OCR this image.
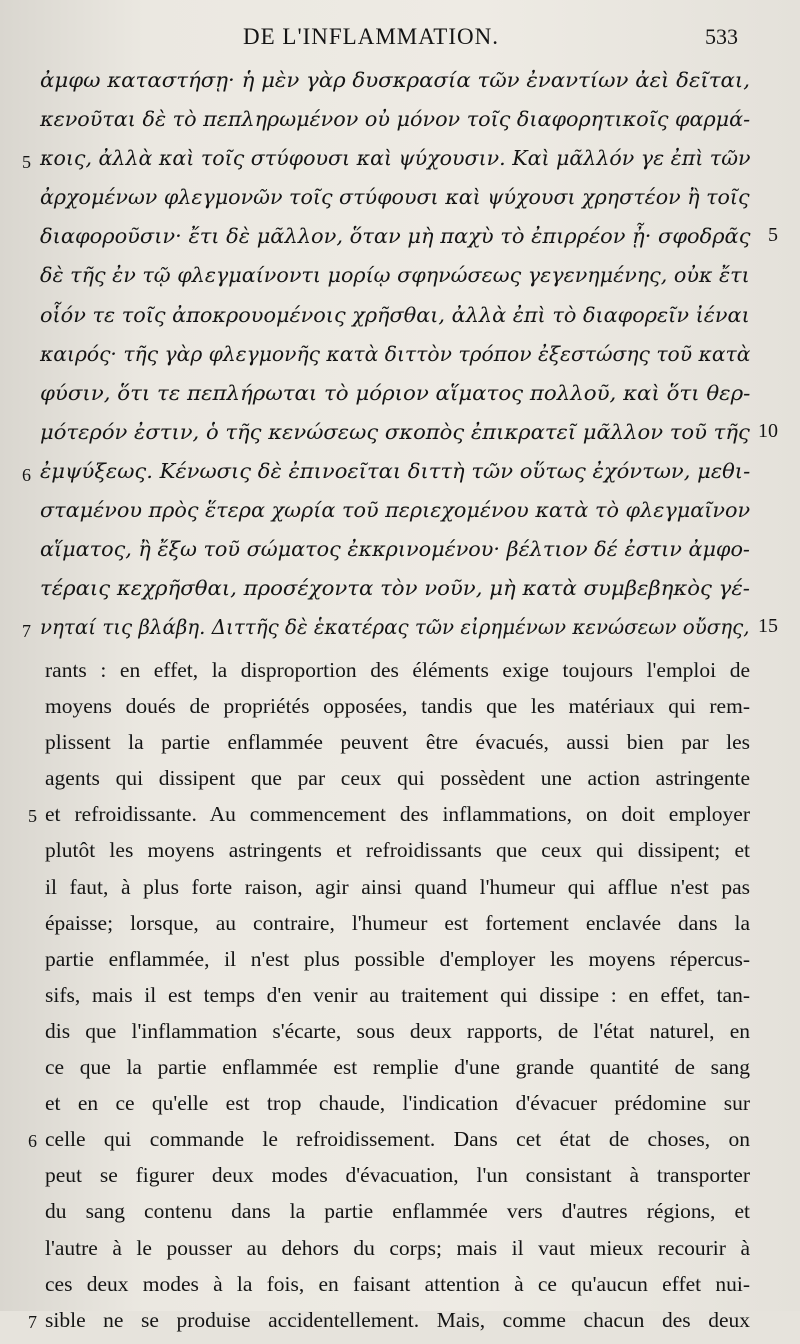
DE L'INFLAMMATION.	533
ἀμφω καταστήσῃ· ἡ μὲν γὰρ δυσκρασία τῶν ἐναντίων ἀεὶ δεῖται,
κενοῦται δὲ τὸ πεπληρωμένον οὐ μόνον τοῖς διαφορητικοῖς φαρμά-
5 κοις, ἀλλὰ καὶ τοῖς στύφουσι καὶ ψύχουσιν. Καὶ μᾶλλόν γε ἐπὶ τῶν
ἀρχομένων φλεγμονῶν τοῖς στύφουσι καὶ ψύχουσι χρηστέον ἢ τοῖς
διαφοροῦσιν· ἔτι δὲ μᾶλλον, ὅταν μὴ παχὺ τὸ ἐπιρρέον ᾖ· σφοδρᾶς 5
δὲ τῆς ἐν τῷ φλεγμαίνοντι μορίῳ σφηνώσεως γεγενημένης, οὐκ ἔτι
οἷόν τε τοῖς ἀποκρουομένοις χρῆσθαι, ἀλλὰ ἐπὶ τὸ διαφορεῖν ἰέναι
καιρός· τῆς γὰρ φλεγμονῆς κατὰ διττὸν τρόπον ἐξεστώσης τοῦ κατὰ
φύσιν, ὅτι τε πεπλήρωται τὸ μόριον αἵματος πολλοῦ, καὶ ὅτι θερ-
μότερόν ἐστιν, ὁ τῆς κενώσεως σκοπὸς ἐπικρατεῖ μᾶλλον τοῦ τῆς 10
6 ἐμψύξεως. Κένωσις δὲ ἐπινοεῖται διττὴ τῶν οὕτως ἐχόντων, μεθι-
σταμένου πρὸς ἕτερα χωρία τοῦ περιεχομένου κατὰ τὸ φλεγμαῖνον
αἵματος, ἢ ἔξω τοῦ σώματος ἐκκρινομένου· βέλτιον δέ ἐστιν ἀμφο-
τέραις κεχρῆσθαι, προσέχοντα τὸν νοῦν, μὴ κατὰ συμβεβηκὸς γέ-
7 νηταί τις βλάβη. Διττῆς δὲ ἑκατέρας τῶν εἰρημένων κενώσεων οὔσης, 15
rants : en effet, la disproportion des éléments exige toujours l'emploi de
moyens doués de propriétés opposées, tandis que les matériaux qui rem-
plissent la partie enflammée peuvent être évacués, aussi bien par les
agents qui dissipent que par ceux qui possèdent une action astringente
5 et refroidissante. Au commencement des inflammations, on doit employer
plutôt les moyens astringents et refroidissants que ceux qui dissipent; et
il faut, à plus forte raison, agir ainsi quand l'humeur qui afflue n'est pas
épaisse; lorsque, au contraire, l'humeur est fortement enclavée dans la
partie enflammée, il n'est plus possible d'employer les moyens répercus-
sifs, mais il est temps d'en venir au traitement qui dissipe : en effet, tan-
dis que l'inflammation s'écarte, sous deux rapports, de l'état naturel, en
ce que la partie enflammée est remplie d'une grande quantité de sang
et en ce qu'elle est trop chaude, l'indication d'évacuer prédomine sur
6 celle qui commande le refroidissement. Dans cet état de choses, on
peut se figurer deux modes d'évacuation, l'un consistant à transporter
du sang contenu dans la partie enflammée vers d'autres régions, et
l'autre à le pousser au dehors du corps; mais il vaut mieux recourir à
ces deux modes à la fois, en faisant attention à ce qu'aucun effet nui-
7 sible ne se produise accidentellement. Mais, comme chacun des deux
